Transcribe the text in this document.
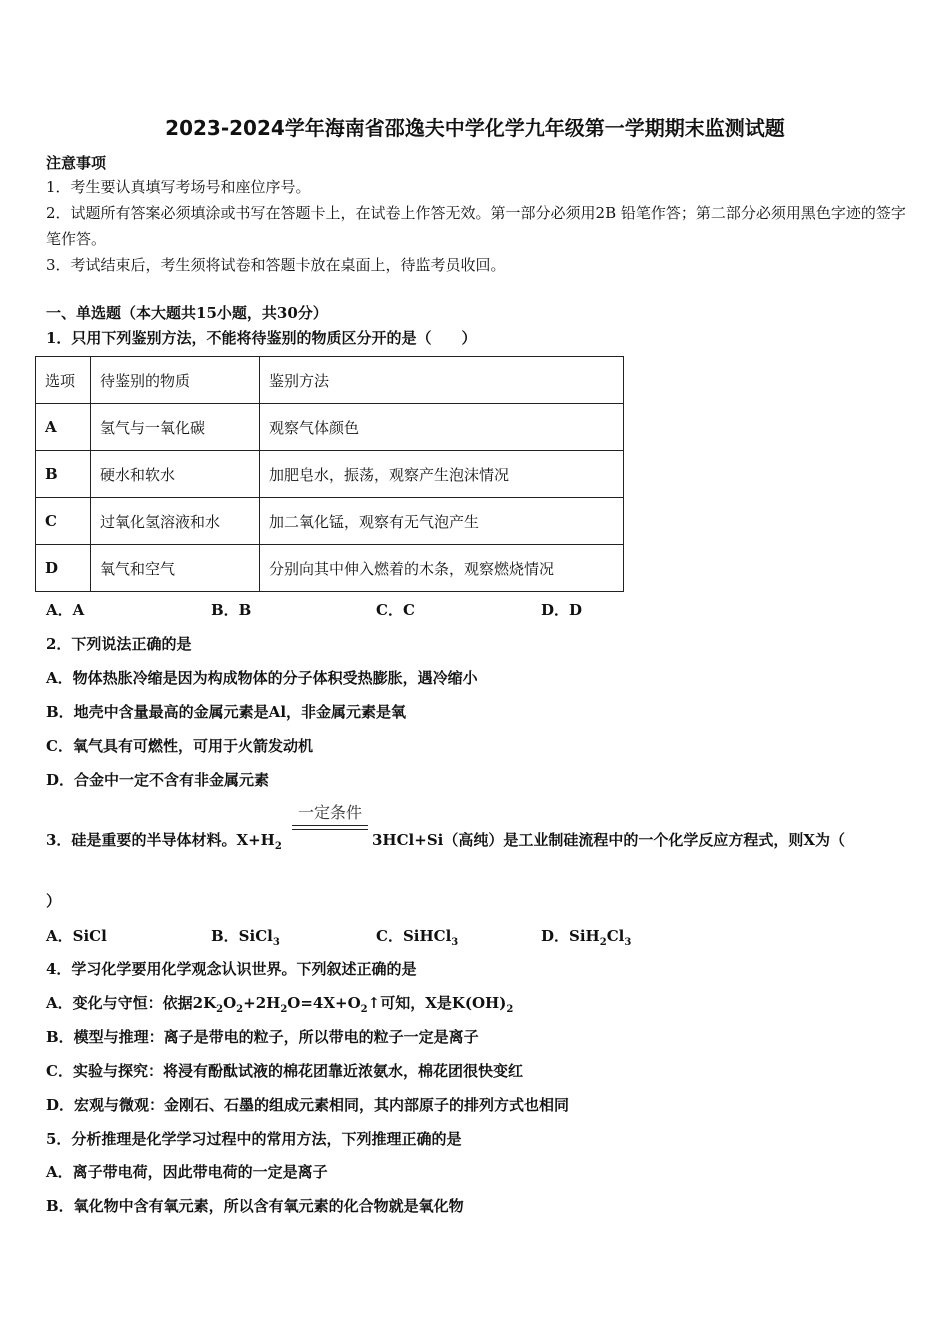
2023-2024学年海南省邵逸夫中学化学九年级第一学期期末监测试题
注意事项
1．考生要认真填写考场号和座位序号。
2．试题所有答案必须填涂或书写在答题卡上，在试卷上作答无效。第一部分必须用2B 铅笔作答；第二部分必须用黑色字迹的签字笔作答。
3．考试结束后，考生须将试卷和答题卡放在桌面上，待监考员收回。
一、单选题（本大题共15小题，共30分）
1．只用下列鉴别方法，不能将待鉴别的物质区分开的是（　　）
选项	待鉴别的物质	鉴别方法
A	氢气与一氧化碳	观察气体颜色
B	硬水和软水	加肥皂水，振荡，观察产生泡沫情况
C	过氧化氢溶液和水	加二氧化锰，观察有无气泡产生
D	氧气和空气	分别向其中伸入燃着的木条，观察燃烧情况
A．A	B．B	C．C	D．D
2．下列说法正确的是
A．物体热胀冷缩是因为构成物体的分子体积受热膨胀，遇冷缩小
B．地壳中含量最高的金属元素是Al，非金属元素是氧
C．氧气具有可燃性，可用于火箭发动机
D．合金中一定不含有非金属元素
一定条件
3．硅是重要的半导体材料。$X+H_2$	3HCl+Si（高纯）是工业制硅流程中的一个化学反应方程式，则X为（
）
A．SiCl	B．SiCl$_3$	C．SiHCl$_3$	D．$SiH_2Cl_3$
4．学习化学要用化学观念认识世界。下列叙述正确的是
A．变化与守恒：依据$2K_2O_2+2H_2O=4X+O_2↑$可知，X是$K(OH)_2$
B．模型与推理：离子是带电的粒子，所以带电的粒子一定是离子
C．实验与探究：将浸有酚酞试液的棉花团靠近浓氨水，棉花团很快变红
D．宏观与微观：金刚石、石墨的组成元素相同，其内部原子的排列方式也相同
5．分析推理是化学学习过程中的常用方法，下列推理正确的是
A．离子带电荷，因此带电荷的一定是离子
B．氧化物中含有氧元素，所以含有氧元素的化合物就是氧化物
